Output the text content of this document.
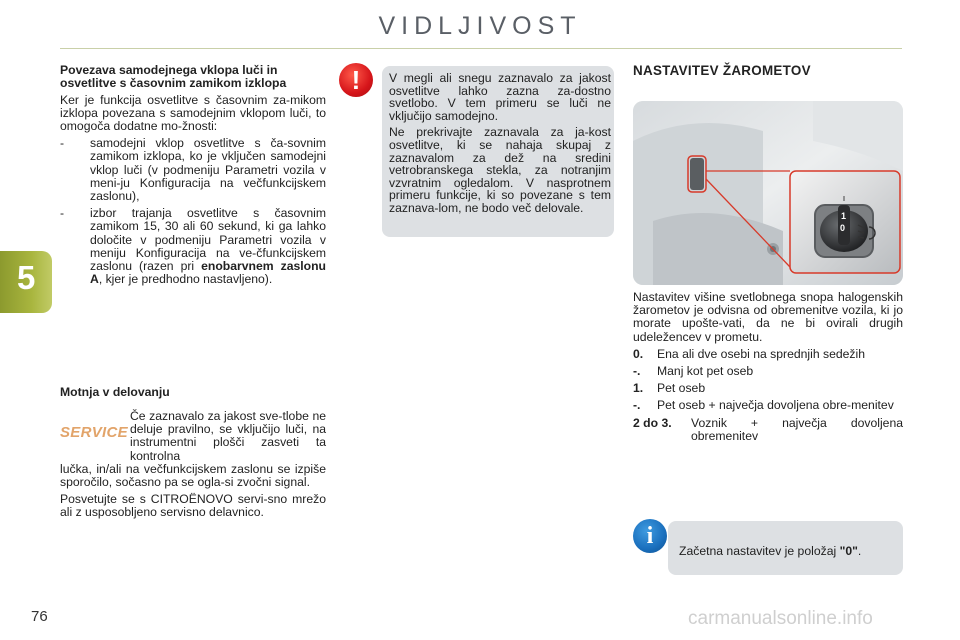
VIDLJIVOST
5
Povezava samodejnega vklopa luči in osvetlitve s časovnim zamikom izklopa
Ker je funkcija osvetlitve s časovnim za-mikom izklopa povezana s samodejnim vklopom luči, to omogoča dodatne mo-žnosti:
- samodejni vklop osvetlitve s ča-sovnim zamikom izklopa, ko je vključen samodejni vklop luči (v podmeniju Parametri vozila v meni-ju Konfiguracija na večfunkcijskem zaslonu),
- izbor trajanja osvetlitve s časovnim zamikom 15, 30 ali 60 sekund, ki ga lahko določite v podmeniju Parametri vozila v meniju Konfiguracija na ve-čfunkcijskem zaslonu (razen pri enobarvnem zaslonu A, kjer je predhodno nastavljeno).
Motnja v delovanju
Če zaznavalo za jakost sve-tlobe ne deluje pravilno, se vključijo luči, na instrumentni plošči zasveti ta kontrolna
lučka, in/ali na večfunkcijskem zaslonu se izpiše sporočilo, sočasno pa se ogla-si zvočni signal.
Posvetujte se s CITROËNOVO servi-sno mrežo ali z usposobljeno servisno delavnico.
SERVICE
!	V megli ali snegu zaznavalo za jakost osvetlitve lahko zazna za-dostno svetlobo. V tem primeru se luči ne vključijo samodejno.
Ne prekrivajte zaznavala za ja-kost osvetlitve, ki se nahaja skupaj z zaznavalom za dež na sredini vetrobranskega stekla, za notranjim vzvratnim ogledalom. V nasprotnem primeru funkcije, ki so povezane s tem zaznava-lom, ne bodo več delovale.
NASTAVITEV ŽAROMETOV
1
0
Nastavitev višine svetlobnega snopa halogenskih žarometov je odvisna od obremenitve vozila, ki jo morate upošte-vati, da ne bi ovirali drugih udeležencev v prometu.
0.	Ena ali dve osebi na sprednjih sedežih
-.	Manj kot pet oseb
1.	Pet oseb
-.	Pet oseb + največja dovoljena obre-menitev
2 do 3.	Voznik + največja dovoljena obremenitev
i
Začetna nastavitev je položaj "0".
76	carmanualsonline.info
